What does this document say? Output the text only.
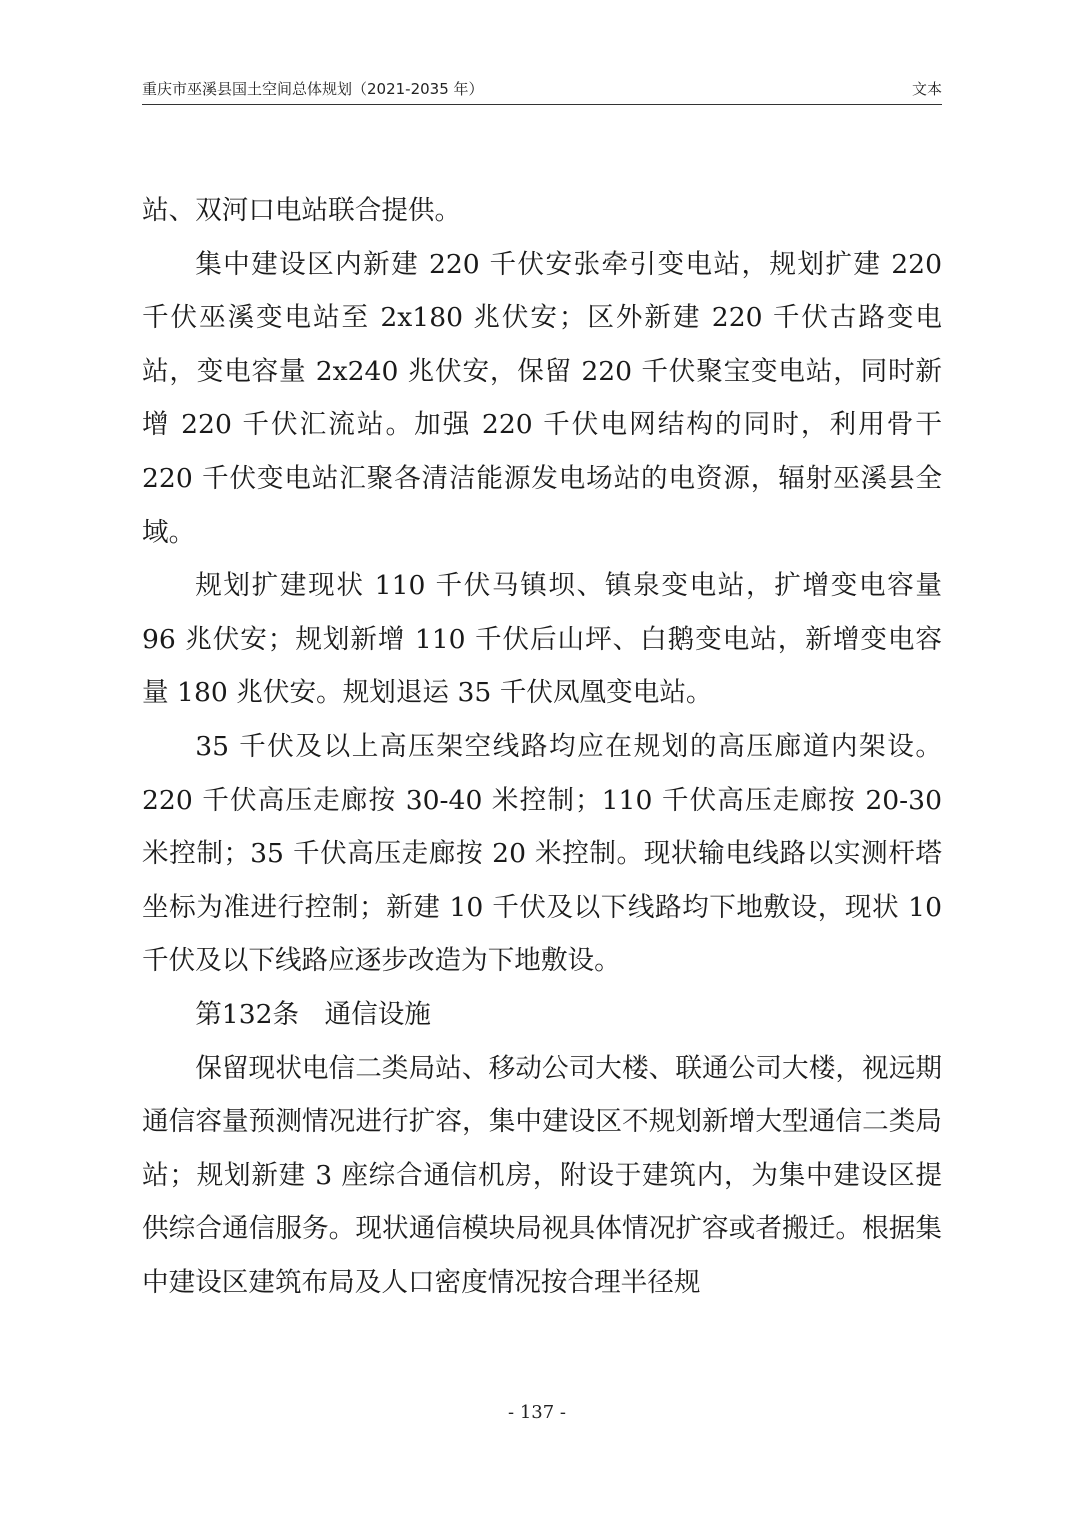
重庆市巫溪县国土空间总体规划（2021-2035 年）	文本

站、双河口电站联合提供。

集中建设区内新建 220 千伏安张牵引变电站，规划扩建 220 千伏巫溪变电站至 2x180 兆伏安；区外新建 220 千伏古路变电站，变电容量 2x240 兆伏安，保留 220 千伏聚宝变电站，同时新增 220 千伏汇流站。加强 220 千伏电网结构的同时，利用骨干 220 千伏变电站汇聚各清洁能源发电场站的电资源，辐射巫溪县全域。

规划扩建现状 110 千伏马镇坝、镇泉变电站，扩增变电容量 96 兆伏安；规划新增 110 千伏后山坪、白鹅变电站，新增变电容量 180 兆伏安。规划退运 35 千伏凤凰变电站。

35 千伏及以上高压架空线路均应在规划的高压廊道内架设。220 千伏高压走廊按 30-40 米控制；110 千伏高压走廊按 20-30 米控制；35 千伏高压走廊按 20 米控制。现状输电线路以实测杆塔坐标为准进行控制；新建 10 千伏及以下线路均下地敷设，现状 10 千伏及以下线路应逐步改造为下地敷设。

第132条 通信设施

保留现状电信二类局站、移动公司大楼、联通公司大楼，视远期通信容量预测情况进行扩容，集中建设区不规划新增大型通信二类局站；规划新建 3 座综合通信机房，附设于建筑内，为集中建设区提供综合通信服务。现状通信模块局视具体情况扩容或者搬迁。根据集中建设区建筑布局及人口密度情况按合理半径规

- 137 -
